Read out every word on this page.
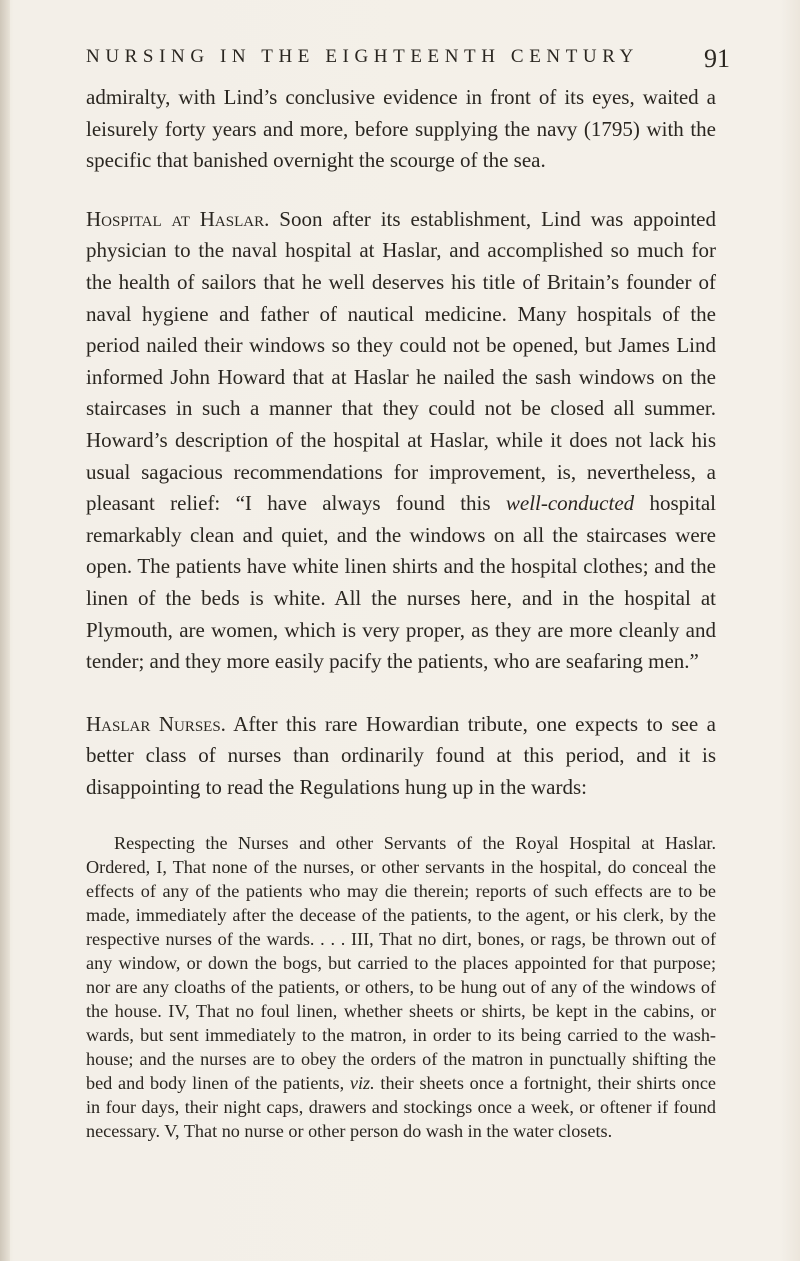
NURSING IN THE EIGHTEENTH CENTURY	91

admiralty, with Lind’s conclusive evidence in front of its eyes, waited a leisurely forty years and more, before supplying the navy (1795) with the specific that banished overnight the scourge of the sea.

Hospital at Haslar. Soon after its establishment, Lind was appointed physician to the naval hospital at Haslar, and accomplished so much for the health of sailors that he well deserves his title of Britain’s founder of naval hygiene and father of nautical medicine. Many hospitals of the period nailed their windows so they could not be opened, but James Lind informed John Howard that at Haslar he nailed the sash windows on the staircases in such a manner that they could not be closed all summer. Howard’s description of the hospital at Haslar, while it does not lack his usual sagacious recommendations for improvement, is, nevertheless, a pleasant relief: “I have always found this well-conducted hospital remarkably clean and quiet, and the windows on all the staircases were open. The patients have white linen shirts and the hospital clothes; and the linen of the beds is white. All the nurses here, and in the hospital at Plymouth, are women, which is very proper, as they are more cleanly and tender; and they more easily pacify the patients, who are seafaring men.”

Haslar Nurses. After this rare Howardian tribute, one expects to see a better class of nurses than ordinarily found at this period, and it is disappointing to read the Regulations hung up in the wards:

Respecting the Nurses and other Servants of the Royal Hospital at Haslar. Ordered, I, That none of the nurses, or other servants in the hospital, do conceal the effects of any of the patients who may die therein; reports of such effects are to be made, immediately after the decease of the patients, to the agent, or his clerk, by the respective nurses of the wards. . . . III, That no dirt, bones, or rags, be thrown out of any window, or down the bogs, but carried to the places appointed for that purpose; nor are any cloaths of the patients, or others, to be hung out of any of the windows of the house. IV, That no foul linen, whether sheets or shirts, be kept in the cabins, or wards, but sent immediately to the matron, in order to its being carried to the wash-house; and the nurses are to obey the orders of the matron in punctually shifting the bed and body linen of the patients, viz. their sheets once a fortnight, their shirts once in four days, their night caps, drawers and stockings once a week, or oftener if found necessary. V, That no nurse or other person do wash in the water closets.
